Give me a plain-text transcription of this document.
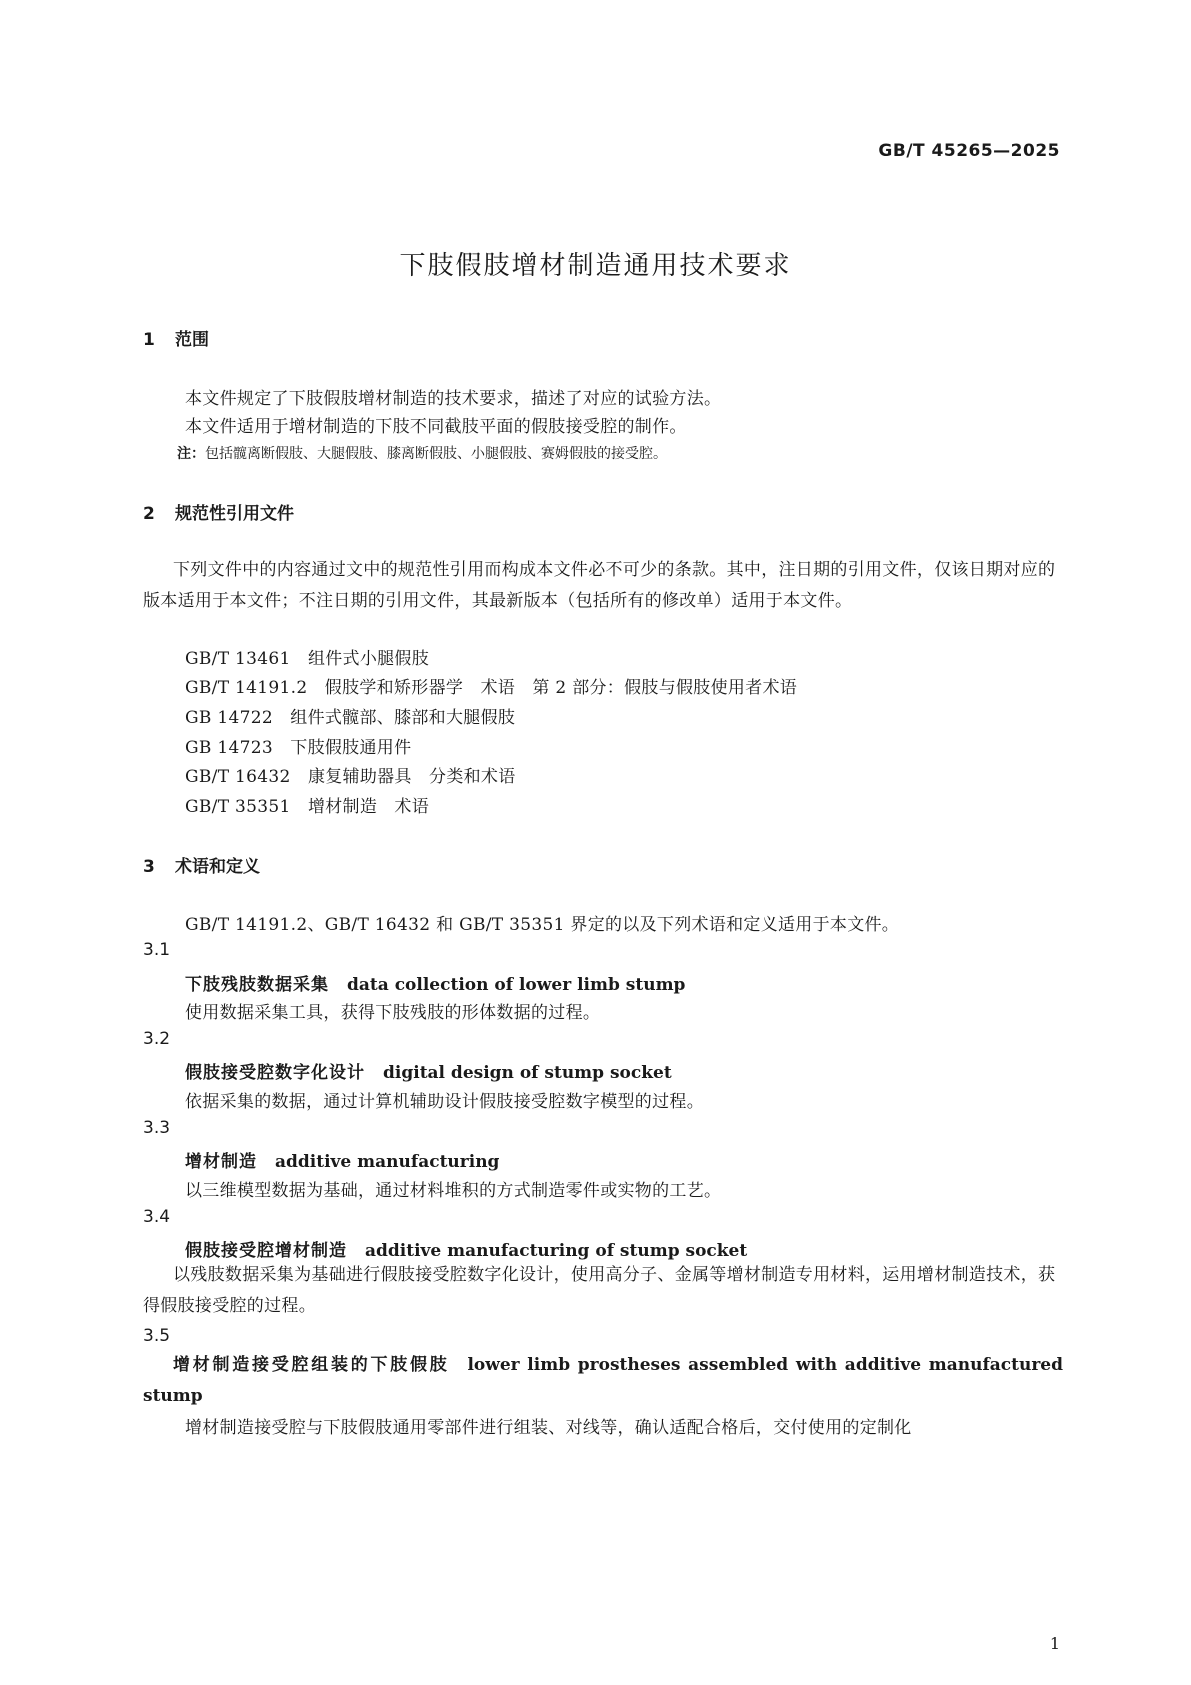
GB/T 45265—2025
下肢假肢增材制造通用技术要求
1 范围
本文件规定了下肢假肢增材制造的技术要求，描述了对应的试验方法。
本文件适用于增材制造的下肢不同截肢平面的假肢接受腔的制作。
注：包括髋离断假肢、大腿假肢、膝离断假肢、小腿假肢、赛姆假肢的接受腔。
2 规范性引用文件
下列文件中的内容通过文中的规范性引用而构成本文件必不可少的条款。其中，注日期的引用文件，仅该日期对应的版本适用于本文件；不注日期的引用文件，其最新版本（包括所有的修改单）适用于本文件。
GB/T 13461　 组件式小腿假肢
GB/T 14191.2　 假肢学和矫形器学　术语　第 2 部分：假肢与假肢使用者术语
GB 14722　 组件式髋部、膝部和大腿假肢
GB 14723　 下肢假肢通用件
GB/T 16432　 康复辅助器具　分类和术语
GB/T 35351　 增材制造　术语
3 术语和定义
GB/T 14191.2、GB/T 16432 和 GB/T 35351 界定的以及下列术语和定义适用于本文件。
3.1
下肢残肢数据采集 data collection of lower limb stump
使用数据采集工具，获得下肢残肢的形体数据的过程。
3.2
假肢接受腔数字化设计 digital design of stump socket
依据采集的数据，通过计算机辅助设计假肢接受腔数字模型的过程。
3.3
增材制造 additive manufacturing
以三维模型数据为基础，通过材料堆积的方式制造零件或实物的工艺。
3.4
假肢接受腔增材制造 additive manufacturing of stump socket
以残肢数据采集为基础进行假肢接受腔数字化设计，使用高分子、金属等增材制造专用材料，运用增材制造技术，获得假肢接受腔的过程。
3.5
增材制造接受腔组装的下肢假肢 lower limb prostheses assembled with additive manufactured stump
增材制造接受腔与下肢假肢通用零部件进行组装、对线等，确认适配合格后，交付使用的定制化
1
